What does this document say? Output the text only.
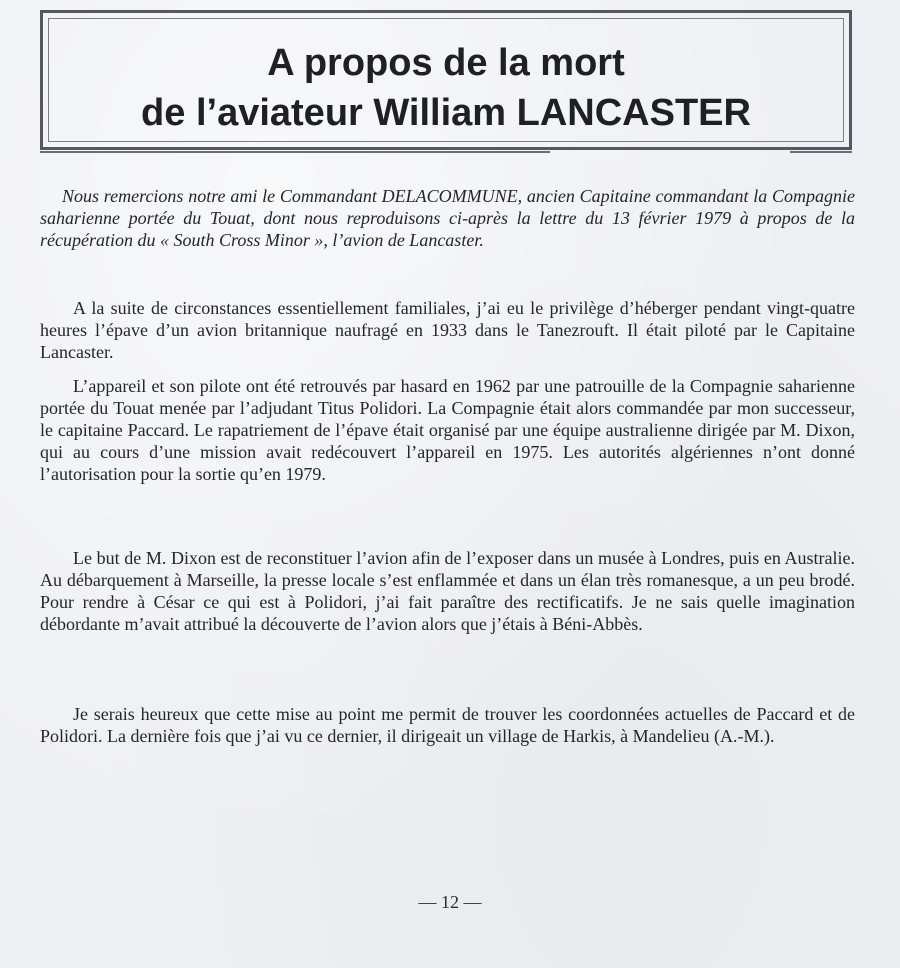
A propos de la mort
de l’aviateur William LANCASTER

Nous remercions notre ami le Commandant DELACOMMUNE, ancien Capitaine commandant la Compagnie saharienne portée du Touat, dont nous reproduisons ci-après la lettre du 13 février 1979 à propos de la récupération du « South Cross Minor », l’avion de Lancaster.

A la suite de circonstances essentiellement familiales, j’ai eu le privilège d’héberger pendant vingt-quatre heures l’épave d’un avion britannique naufragé en 1933 dans le Tanezrouft. Il était piloté par le Capitaine Lancaster.

L’appareil et son pilote ont été retrouvés par hasard en 1962 par une patrouille de la Compagnie saharienne portée du Touat menée par l’adjudant Titus Polidori. La Compagnie était alors commandée par mon successeur, le capitaine Paccard. Le rapatriement de l’épave était organisé par une équipe australienne dirigée par M. Dixon, qui au cours d’une mission avait redécouvert l’appareil en 1975. Les autorités algériennes n’ont donné l’autorisation pour la sortie qu’en 1979.

Le but de M. Dixon est de reconstituer l’avion afin de l’exposer dans un musée à Londres, puis en Australie. Au débarquement à Marseille, la presse locale s’est enflammée et dans un élan très romanesque, a un peu brodé. Pour rendre à César ce qui est à Polidori, j’ai fait paraître des rectificatifs. Je ne sais quelle imagination débordante m’avait attribué la découverte de l’avion alors que j’étais à Béni-Abbès.

Je serais heureux que cette mise au point me permit de trouver les coordonnées actuelles de Paccard et de Polidori. La dernière fois que j’ai vu ce dernier, il dirigeait un village de Harkis, à Mandelieu (A.-M.).

— 12 —
